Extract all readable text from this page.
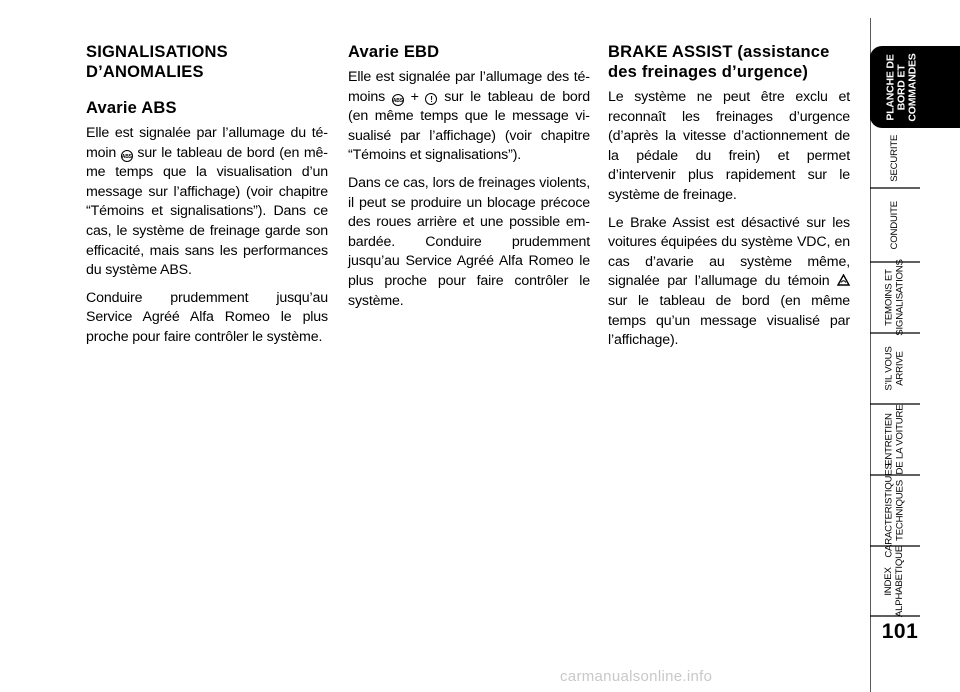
SIGNALISATIONS D’ANOMALIES
Avarie ABS

Elle est signalée par l’allumage du témoin ABS sur le tableau de bord (en même temps que la visualisation d’un message sur l’affichage) (voir chapitre “Témoins et signalisations”). Dans ce cas, le système de freinage garde son efficacité, mais sans les performances du système ABS.

Conduire prudemment jusqu’au Service Agréé Alfa Romeo le plus proche pour faire contrôler le système.

Avarie EBD

Elle est signalée par l’allumage des témoins ABS + ! sur le tableau de bord (en même temps que le message visualisé par l’affichage) (voir chapitre “Témoins et signalisations”).

Dans ce cas, lors de freinages violents, il peut se produire un blocage précoce des roues arrière et une possible embardée. Conduire prudemment jusqu’au Service Agréé Alfa Romeo le plus proche pour faire contrôler le système.

BRAKE ASSIST (assistance des freinages d’urgence)

Le système ne peut être exclu et reconnaît les freinages d’urgence (d’après la vitesse d’actionnement de la pédale du frein) et permet d’intervenir plus rapidement sur le système de freinage.

Le Brake Assist est désactivé sur les voitures équipées du système VDC, en cas d’avarie au système même, signalée par l’allumage du témoin  sur le tableau de bord (en même temps qu’un message visualisé par l’affichage).

PLANCHE DE
BORD ET
COMMANDES
SECURITE
CONDUITE
TEMOINS ET
SIGNALISATIONS
S’IL VOUS
ARRIVE
ENTRETIEN
DE LA VOITURE
CARACTERISTIQUES
TECHNIQUES
INDEX
ALPHABETIQUE
101
carmanualsonline.info
